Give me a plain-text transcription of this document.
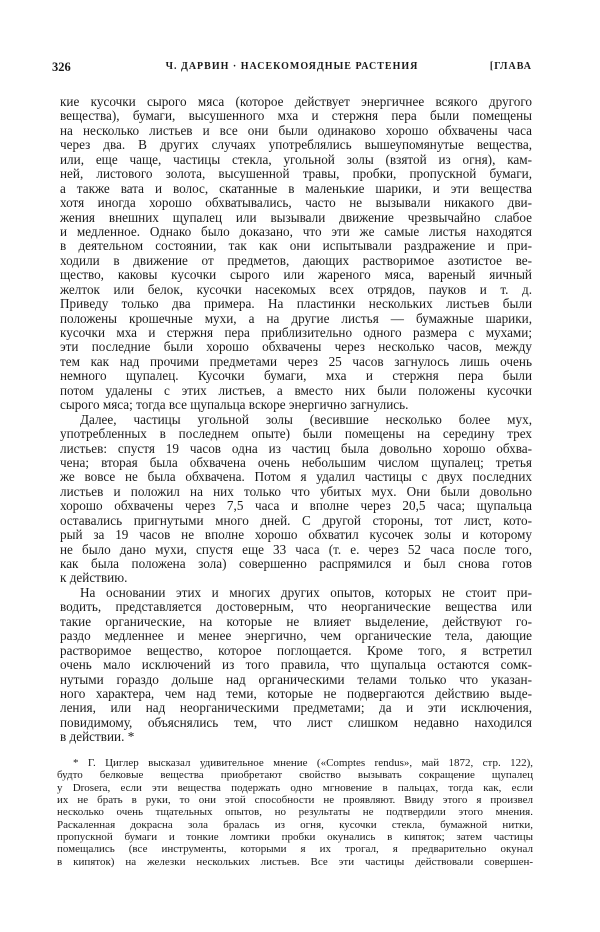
326	Ч. ДАРВИН · НАСЕКОМОЯДНЫЕ РАСТЕНИЯ	[ГЛАВА
кие кусочки сырого мяса (которое действует энергичнее всякого другого
вещества), бумаги, высушенного мха и стержня пера были помещены
на несколько листьев и все они были одинаково хорошо обхвачены часа
через два. В других случаях употреблялись вышеупомянутые вещества,
или, еще чаще, частицы стекла, угольной золы (взятой из огня), кам-
ней, листового золота, высушенной травы, пробки, пропускной бумаги,
а также вата и волос, скатанные в маленькие шарики, и эти вещества
хотя иногда хорошо обхватывались, часто не вызывали никакого дви-
жения внешних щупалец или вызывали движение чрезвычайно слабое
и медленное. Однако было доказано, что эти же самые листья находятся
в деятельном состоянии, так как они испытывали раздражение и при-
ходили в движение от предметов, дающих растворимое азотистое ве-
щество, каковы кусочки сырого или жареного мяса, вареный яичный
желток или белок, кусочки насекомых всех отрядов, пауков и т. д.
Приведу только два примера. На пластинки нескольких листьев были
положены крошечные мухи, а на другие листья — бумажные шарики,
кусочки мха и стержня пера приблизительно одного размера с мухами;
эти последние были хорошо обхвачены через несколько часов, между
тем как над прочими предметами через 25 часов загнулось лишь очень
немного щупалец. Кусочки бумаги, мха и стержня пера были
потом удалены с этих листьев, а вместо них были положены кусочки
сырого мяса; тогда все щупальца вскоре энергично загнулись.
Далее, частицы угольной золы (весившие несколько более мух,
употребленных в последнем опыте) были помещены на середину трех
листьев: спустя 19 часов одна из частиц была довольно хорошо обхва-
чена; вторая была обхвачена очень небольшим числом щупалец; третья
же вовсе не была обхвачена. Потом я удалил частицы с двух последних
листьев и положил на них только что убитых мух. Они были довольно
хорошо обхвачены через 7,5 часа и вполне через 20,5 часа; щупальца
оставались пригнутыми много дней. С другой стороны, тот лист, кото-
рый за 19 часов не вполне хорошо обхватил кусочек золы и которому
не было дано мухи, спустя еще 33 часа (т. е. через 52 часа после того,
как была положена зола) совершенно распрямился и был снова готов
к действию.
На основании этих и многих других опытов, которых не стоит при-
водить, представляется достоверным, что неорганические вещества или
такие органические, на которые не влияет выделение, действуют го-
раздо медленнее и менее энергично, чем органические тела, дающие
растворимое вещество, которое поглощается. Кроме того, я встретил
очень мало исключений из того правила, что щупальца остаются сомк-
нутыми гораздо дольше над органическими телами только что указан-
ного характера, чем над теми, которые не подвергаются действию выде-
ления, или над неорганическими предметами; да и эти исключения,
повидимому, объяснялись тем, что лист слишком недавно находился
в действии. *
* Г. Циглер высказал удивительное мнение («Comptes rendus», май 1872, стр. 122),
будто белковые вещества приобретают свойство вызывать сокращение щупалец
у Drosera, если эти вещества подержать одно мгновение в пальцах, тогда как, если
их не брать в руки, то они этой способности не проявляют. Ввиду этого я произвел
несколько очень тщательных опытов, но результаты не подтвердили этого мнения.
Раскаленная докрасна зола бралась из огня, кусочки стекла, бумажной нитки,
пропускной бумаги и тонкие ломтики пробки окунались в кипяток; затем частицы
помещались (все инструменты, которыми я их трогал, я предварительно окунал
в кипяток) на железки нескольких листьев. Все эти частицы действовали совершен-
